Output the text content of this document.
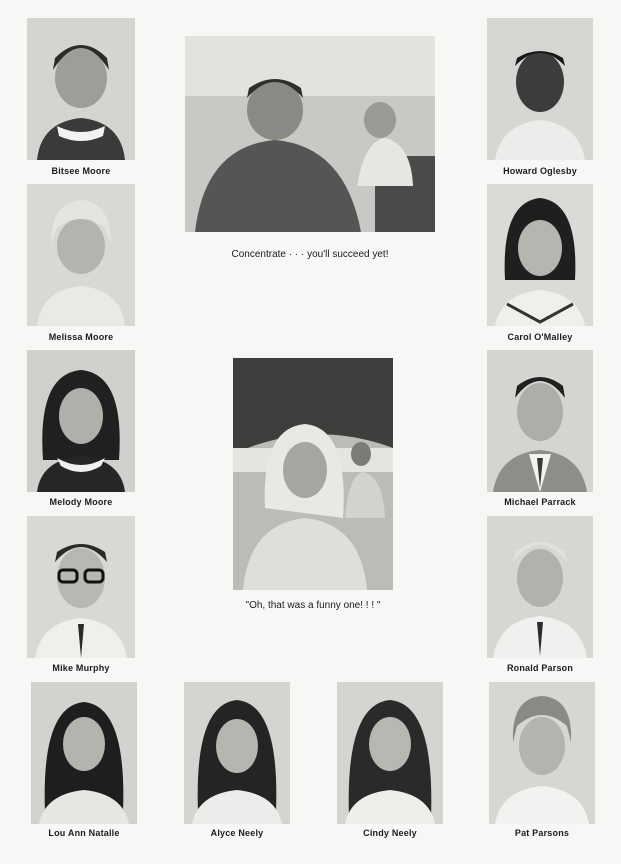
Bitsee Moore
Concentrate · · · you'll succeed yet!
Howard Oglesby
Melissa Moore	Carol O'Malley
Melody Moore
"Oh, that was a funny one! ! ! "
Michael Parrack
Mike Murphy	Ronald Parson
Lou Ann Natalle	Alyce Neely	Cindy Neely	Pat Parsons
